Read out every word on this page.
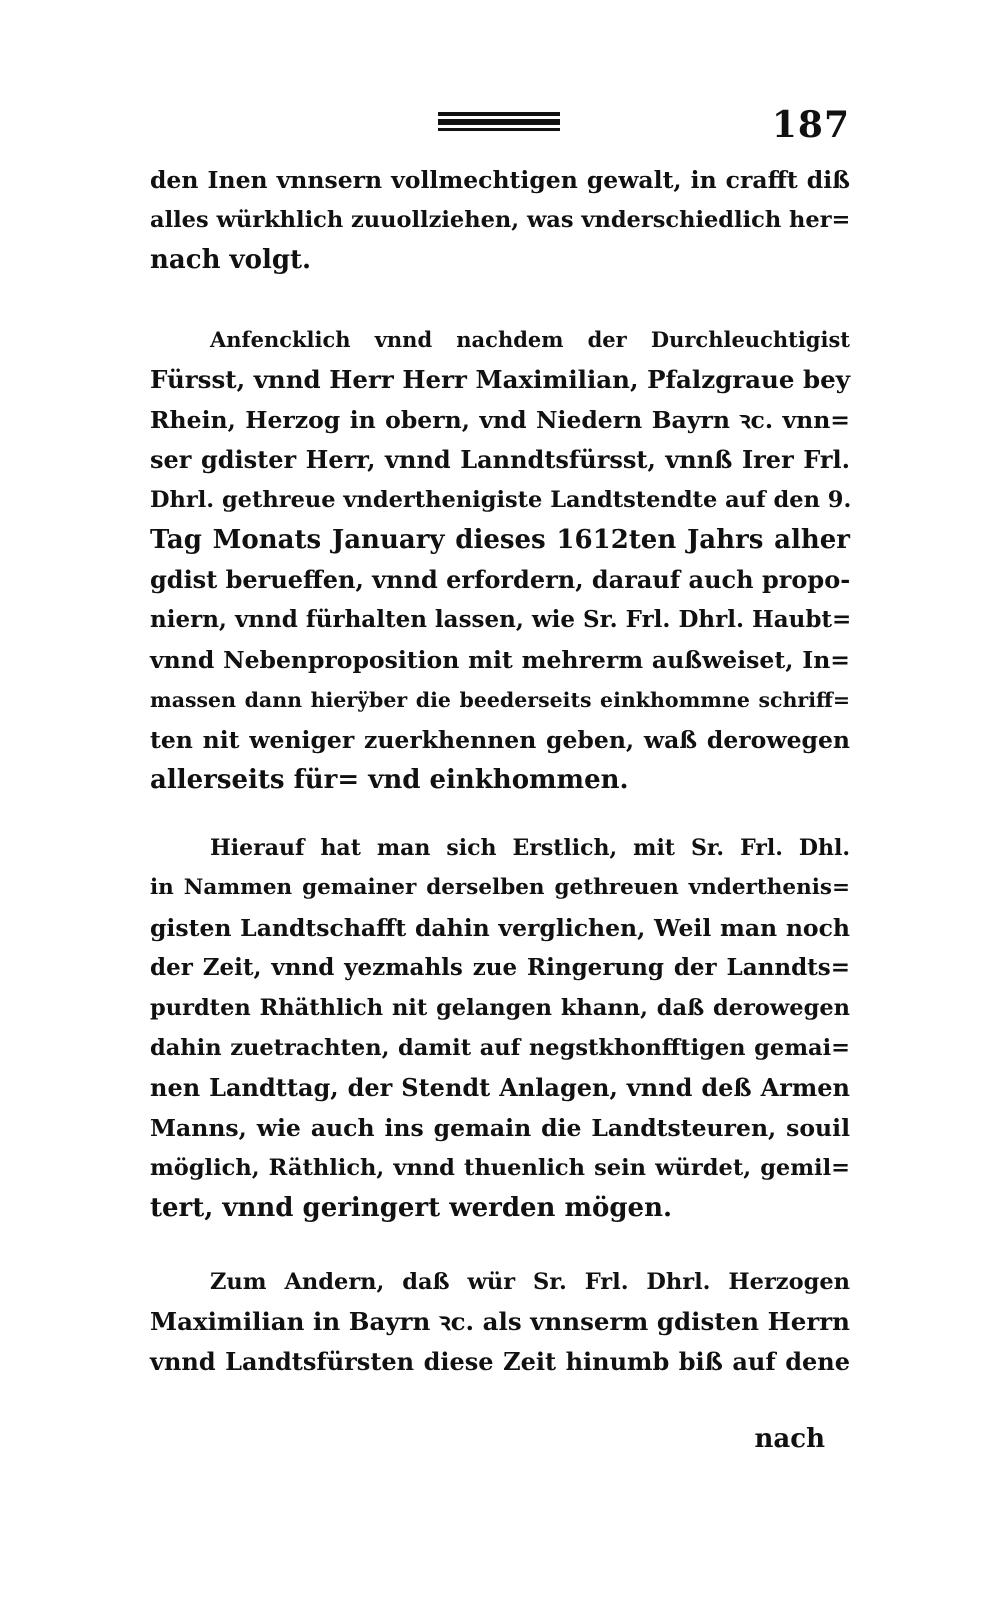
187
den Inen vnnsern vollmechtigen gewalt, in crafft diß
alles würkhlich zuuollziehen, was vnderschiedlich her=
nach volgt.
Anfencklich vnnd nachdem der Durchleuchtigist
Fürsst, vnnd Herr Herr Maximilian, Pfalzgraue bey
Rhein, Herzog in obern, vnd Niedern Bayrn ꝛc. vnn=
ser gdister Herr, vnnd Lanndtsfürsst, vnnß Irer Frl.
Dhrl. gethreue vnderthenigiste Landtstendte auf den 9.
Tag Monats January dieses 1612ten Jahrs alher
gdist berueffen, vnnd erfordern, darauf auch propo-
niern, vnnd fürhalten lassen, wie Sr. Frl. Dhrl. Haubt=
vnnd Nebenproposition mit mehrerm außweiset, In=
massen dann hierÿber die beederseits einkhommne schriff=
ten nit weniger zuerkhennen geben, waß derowegen
allerseits für= vnd einkhommen.
Hierauf hat man sich Erstlich, mit Sr. Frl. Dhl.
in Nammen gemainer derselben gethreuen vnderthenis=
gisten Landtschafft dahin verglichen, Weil man noch
der Zeit, vnnd yezmahls zue Ringerung der Lanndts=
purdten Rhäthlich nit gelangen khann, daß derowegen
dahin zuetrachten, damit auf negstkhonfftigen gemai=
nen Landttag, der Stendt Anlagen, vnnd deß Armen
Manns, wie auch ins gemain die Landtsteuren, souil
möglich, Räthlich, vnnd thuenlich sein würdet, gemil=
tert, vnnd geringert werden mögen.
Zum Andern, daß wür Sr. Frl. Dhrl. Herzogen
Maximilian in Bayrn ꝛc. als vnnserm gdisten Herrn
vnnd Landtsfürsten diese Zeit hinumb biß auf dene
nach
